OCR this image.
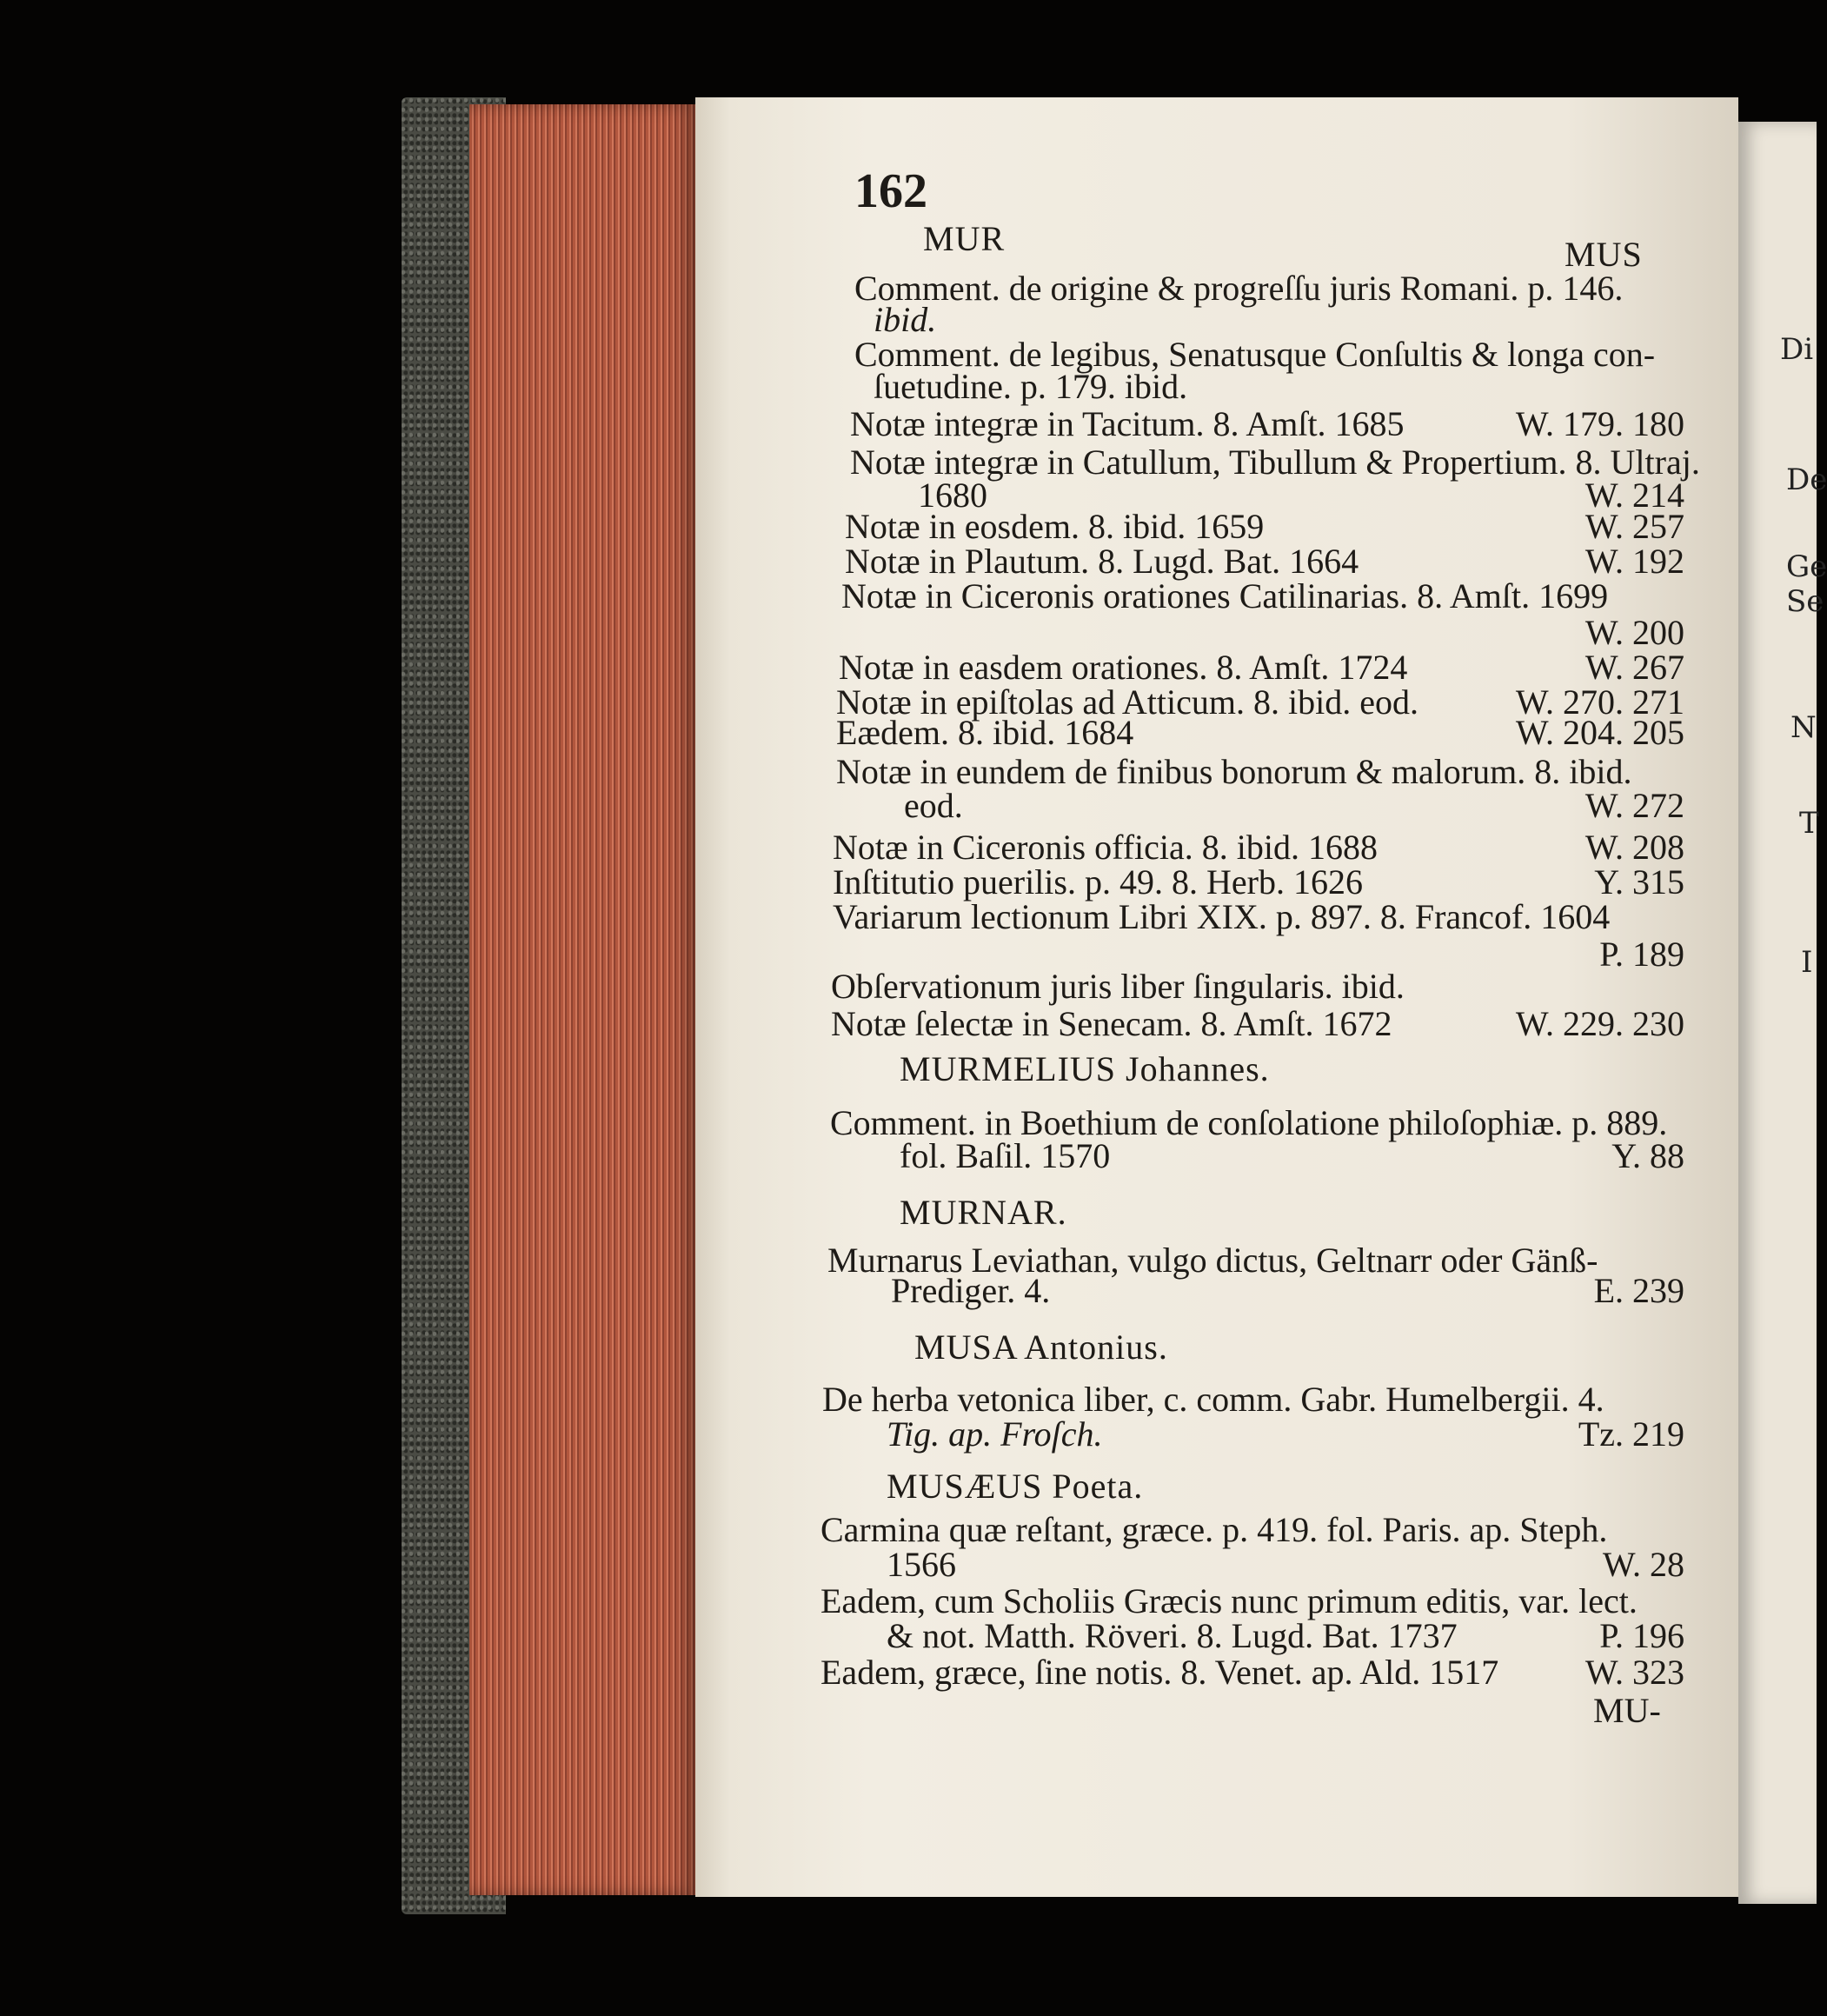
Di
De
Ge
Se
N
T
I
162
MUR	MUS
Comment. de origine & progreſſu juris Romani. p. 146.
ibid.
Comment. de legibus, Senatusque Conſultis & longa con-
ſuetudine. p. 179. ibid.
Notæ integræ in Tacitum. 8. Amſt. 1685	W. 179. 180
Notæ integræ in Catullum, Tibullum & Propertium. 8. Ultraj.
1680	W. 214
Notæ in eosdem. 8. ibid. 1659	W. 257
Notæ in Plautum. 8. Lugd. Bat. 1664	W. 192
Notæ in Ciceronis orationes Catilinarias. 8. Amſt. 1699
W. 200
Notæ in easdem orationes. 8. Amſt. 1724	W. 267
Notæ in epiſtolas ad Atticum. 8. ibid. eod.	W. 270. 271
Eædem. 8. ibid. 1684	W. 204. 205
Notæ in eundem de finibus bonorum & malorum. 8. ibid.
eod.	W. 272
Notæ in Ciceronis officia. 8. ibid. 1688	W. 208
Inſtitutio puerilis. p. 49. 8. Herb. 1626	Y. 315
Variarum lectionum Libri XIX. p. 897. 8. Francof. 1604
P. 189
Obſervationum juris liber ſingularis. ibid.
Notæ ſelectæ in Senecam. 8. Amſt. 1672	W. 229. 230
MURMELIUS Johannes.
Comment. in Boethium de conſolatione philoſophiæ. p. 889.
fol. Baſil. 1570	Y. 88
MURNAR.
Murnarus Leviathan, vulgo dictus, Geltnarr oder Gänß-
Prediger. 4.	E. 239
MUSA Antonius.
De herba vetonica liber, c. comm. Gabr. Humelbergii. 4.
Tig. ap. Froſch.	Tz. 219
MUSÆUS Poeta.
Carmina quæ reſtant, græce. p. 419. fol. Paris. ap. Steph.
1566	W. 28
Eadem, cum Scholiis Græcis nunc primum editis, var. lect.
& not. Matth. Röveri. 8. Lugd. Bat. 1737	P. 196
Eadem, græce, ſine notis. 8. Venet. ap. Ald. 1517	W. 323
MU-
